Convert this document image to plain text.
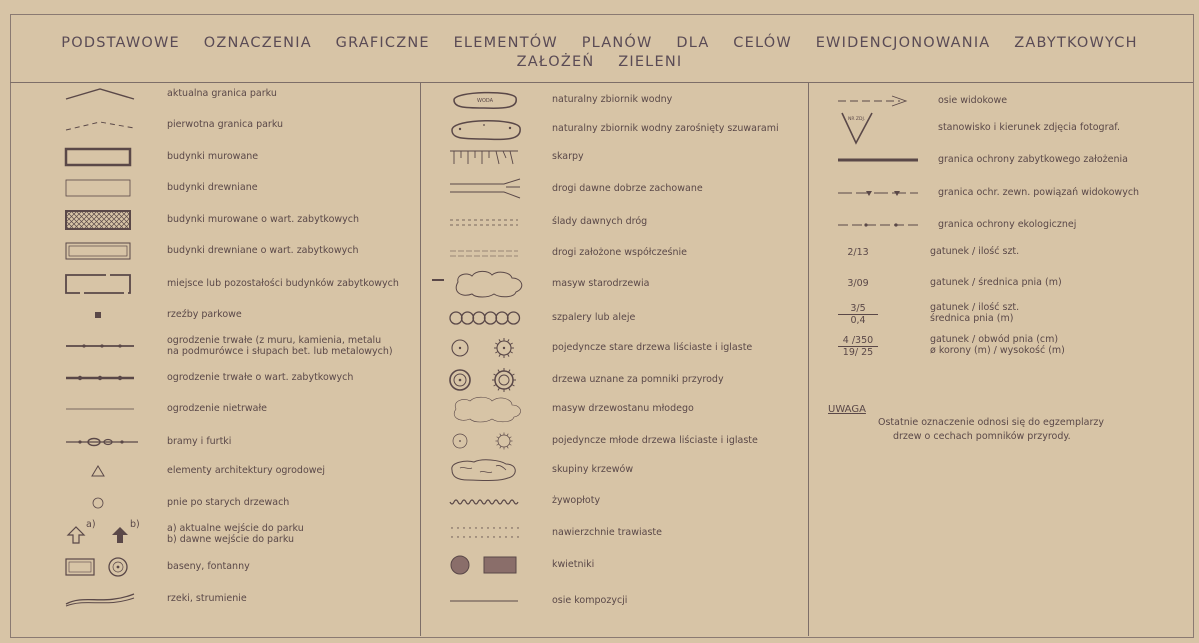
PODSTAWOWE OZNACZENIA GRAFICZNE ELEMENTÓW PLANÓW DLA CELÓW EWIDENCJONOWANIA ZABYTKOWYCH
ZAŁOŻEŃ ZIELENI
aktualna granica parku
pierwotna granica parku
budynki murowane
budynki drewniane
budynki murowane o wart. zabytkowych
budynki drewniane o wart. zabytkowych
miejsce lub pozostałości budynków zabytkowych
rzeźby parkowe
ogrodzenie trwałe (z muru, kamienia, metalu
na podmurówce i słupach bet. lub metalowych)
ogrodzenie trwałe o wart. zabytkowych
ogrodzenie nietrwałe
bramy i furtki
elementy architektury ogrodowej
pnie po starych drzewach
a)	b)	a) aktualne wejście do parku
b) dawne wejście do parku
baseny, fontanny
rzeki, strumienie
WODA	naturalny zbiornik wodny
naturalny zbiornik wodny zarośnięty szuwarami
skarpy
drogi dawne dobrze zachowane
ślady dawnych dróg
drogi założone współcześnie
masyw starodrzewia
szpalery lub aleje
pojedyncze stare drzewa liściaste i iglaste
drzewa uznane za pomniki przyrody
masyw drzewostanu młodego
pojedyncze młode drzewa liściaste i iglaste
skupiny krzewów
żywopłoty
nawierzchnie trawiaste
kwietniki
osie kompozycji
osie widokowe
NR ZDJ.
stanowisko i kierunek zdjęcia fotograf.
granica ochrony zabytkowego założenia
granica ochr. zewn. powiązań widokowych
granica ochrony ekologicznej
2/13	gatunek / ilość szt.
3/09	gatunek / średnica pnia (m)
$\frac{3/5}{0,4}$	gatunek / ilość szt.
średnica pnia (m)
$\frac{4 /350}{19/ 25}$	gatunek / obwód pnia (cm)
ø korony (m) / wysokość (m)
UWAGA
Ostatnie oznaczenie odnosi się do egzemplarzy
drzew o cechach pomników przyrody.
